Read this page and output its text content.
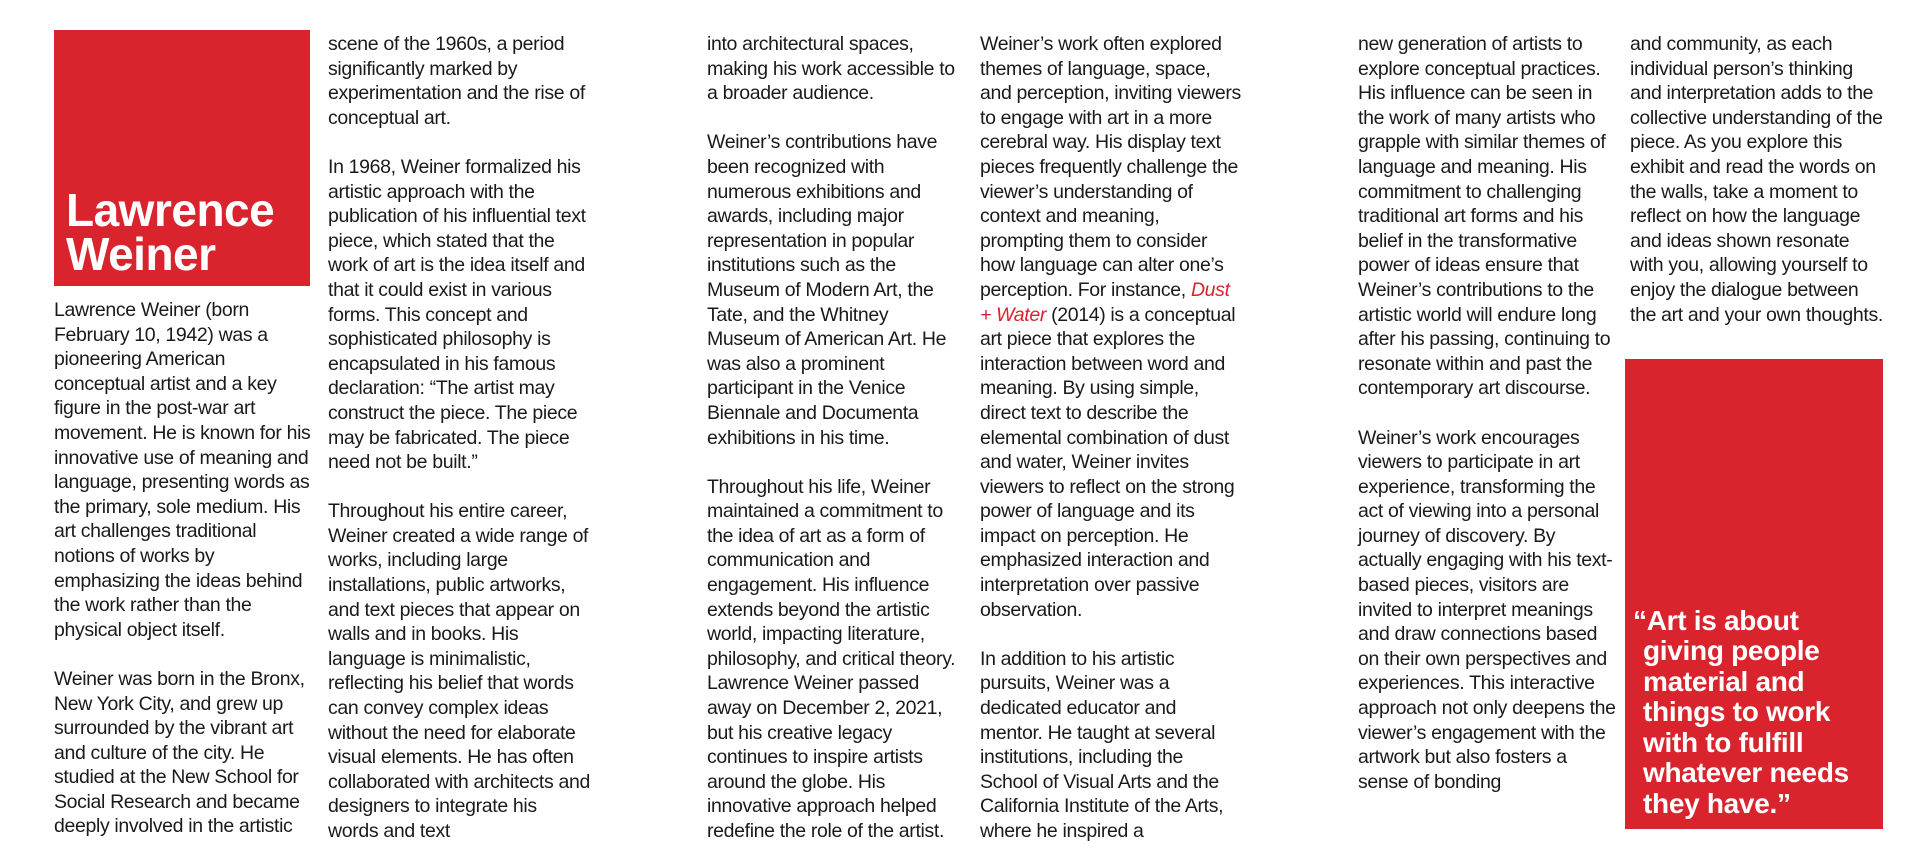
Lawrence Weiner

Lawrence Weiner (born February 10, 1942) was a pioneering American conceptual artist and a key figure in the post-war art movement. He is known for his innovative use of meaning and language, presenting words as the primary, sole medium. His art challenges traditional notions of works by emphasizing the ideas behind the work rather than the physical object itself.

Weiner was born in the Bronx, New York City, and grew up surrounded by the vibrant art and culture of the city. He studied at the New School for Social Research and became deeply involved in the artistic

scene of the 1960s, a period significantly marked by experimentation and the rise of conceptual art.

In 1968, Weiner formalized his artistic approach with the publication of his influential text piece, which stated that the work of art is the idea itself and that it could exist in various forms. This concept and sophisticated philosophy is encapsulated in his famous declaration: “The artist may construct the piece. The piece may be fabricated. The piece need not be built.”

Throughout his entire career, Weiner created a wide range of works, including large installations, public artworks, and text pieces that appear on walls and in books. His language is minimalistic, reflecting his belief that words can convey complex ideas without the need for elaborate visual elements. He has often collaborated with architects and designers to integrate his words and text

into architectural spaces, making his work accessible to a broader audience.

Weiner’s contributions have been recognized with numerous exhibitions and awards, including major representation in popular institutions such as the Museum of Modern Art, the Tate, and the Whitney Museum of American Art. He was also a prominent participant in the Venice Biennale and Documenta exhibitions in his time.

Throughout his life, Weiner maintained a commitment to the idea of art as a form of communication and engagement. His influence extends beyond the artistic world, impacting literature, philosophy, and critical theory. Lawrence Weiner passed away on December 2, 2021, but his creative legacy continues to inspire artists around the globe. His innovative approach helped redefine the role of the artist.

Weiner’s work often explored themes of language, space, and perception, inviting viewers to engage with art in a more cerebral way. His display text pieces frequently challenge the viewer’s understanding of context and meaning, prompting them to consider how language can alter one’s perception. For instance, Dust + Water (2014) is a conceptual art piece that explores the interaction between word and meaning. By using simple, direct text to describe the elemental combination of dust and water, Weiner invites viewers to reflect on the strong power of language and its impact on perception. He emphasized interaction and interpretation over passive observation.

In addition to his artistic pursuits, Weiner was a dedicated educator and mentor. He taught at several institutions, including the School of Visual Arts and the California Institute of the Arts, where he inspired a

new generation of artists to explore conceptual practices. His influence can be seen in the work of many artists who grapple with similar themes of language and meaning. His commitment to challenging traditional art forms and his belief in the transformative power of ideas ensure that Weiner’s contributions to the artistic world will endure long after his passing, continuing to resonate within and past the contemporary art discourse.

Weiner’s work encourages viewers to participate in art experience, transforming the act of viewing into a personal journey of discovery. By actually engaging with his text-based pieces, visitors are invited to interpret meanings and draw connections based on their own perspectives and experiences. This interactive approach not only deepens the viewer’s engagement with the artwork but also fosters a sense of bonding

and community, as each individual person’s thinking and interpretation adds to the collective understanding of the piece. As you explore this exhibit and read the words on the walls, take a moment to reflect on how the language and ideas shown resonate with you, allowing yourself to enjoy the dialogue between the art and your own thoughts.

“Art is about giving people material and things to work with to fulfill whatever needs they have.”
